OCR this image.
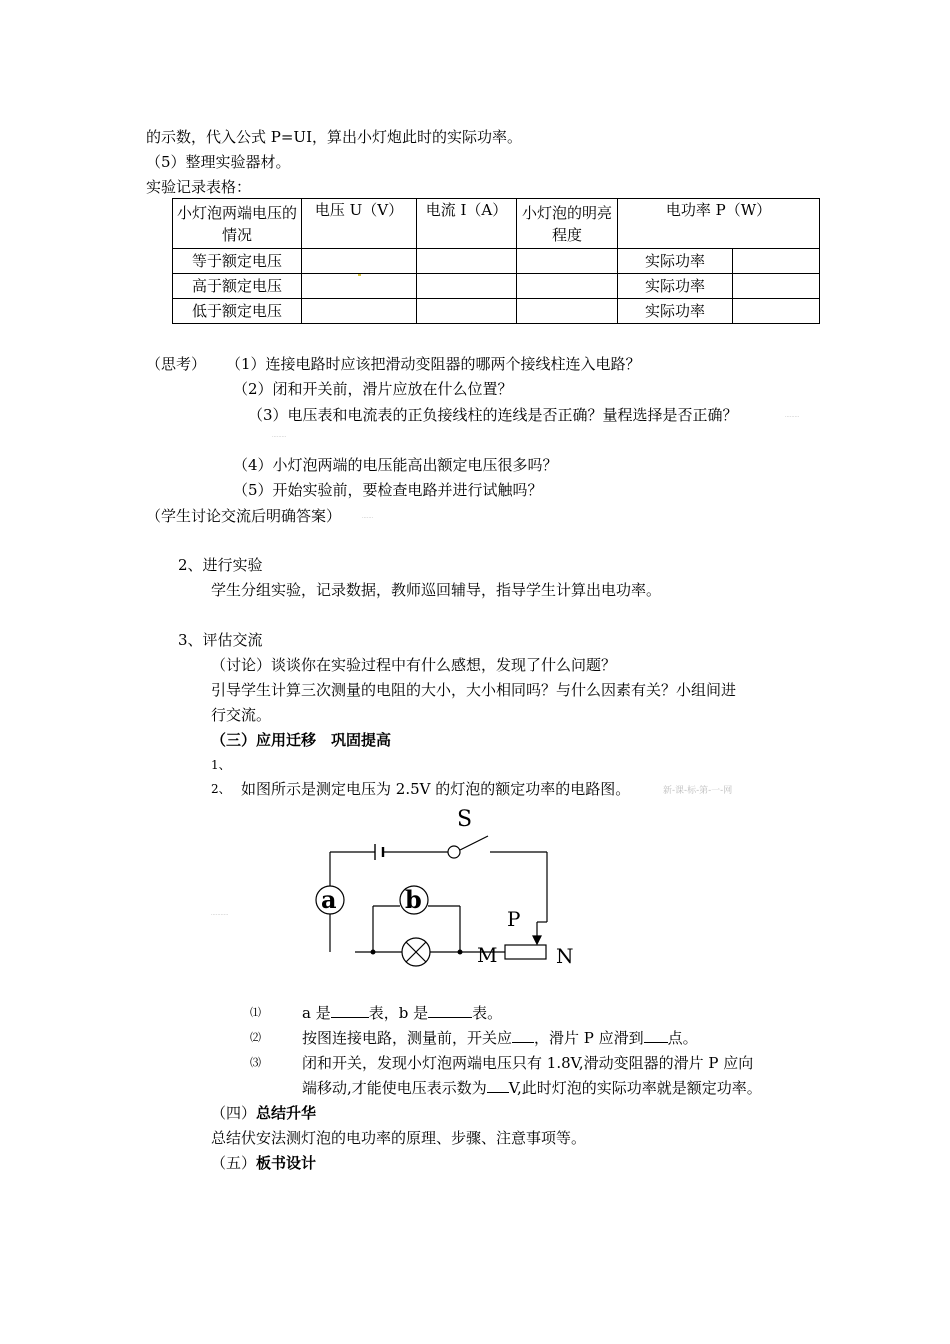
的示数，代入公式 P=UI，算出小灯炮此时的实际功率。
（5）整理实验器材。
实验记录表格：
小灯泡两端电压的情况	电压 U（V）	电流 I（A）	小灯泡的明亮程度	电功率 P（W）	
等于额定电压				实际功率	
高于额定电压				实际功率	
低于额定电压				实际功率	
（思考） （1）连接电路时应该把滑动变阻器的哪两个接线柱连入电路？
（2）闭和开关前，滑片应放在什么位置？
（3）电压表和电流表的正负接线柱的连线是否正确？量程选择是否正确？	·········
·········
（4）小灯泡两端的电压能高出额定电压很多吗？
（5）开始实验前，要检查电路并进行试触吗？
（学生讨论交流后明确答案）	·······
2、进行实验
学生分组实验，记录数据，教师巡回辅导，指导学生计算出电功率。
3、评估交流
（讨论）谈谈你在实验过程中有什么感想，发现了什么问题？
引导学生计算三次测量的电阻的大小，大小相同吗？与什么因素有关？小组间进
行交流。
（三）应用迁移　巩固提高
1、
2、 如图所示是测定电压为 2.5V 的灯泡的额定功率的电路图。	新-课-标-第-一-网
···········
S
a	b
P
M	N
⑴	a 是	表，b 是	表。
⑵	按图连接电路，测量前，开关应 ，滑片 P 应滑到 点。
⑶	闭和开关，发现小灯泡两端电压只有 1.8V,滑动变阻器的滑片 P 应向
端移动,才能使电压表示数为 V,此时灯泡的实际功率就是额定功率。
（四）总结升华
总结伏安法测灯泡的电功率的原理、步骤、注意事项等。
（五）板书设计
